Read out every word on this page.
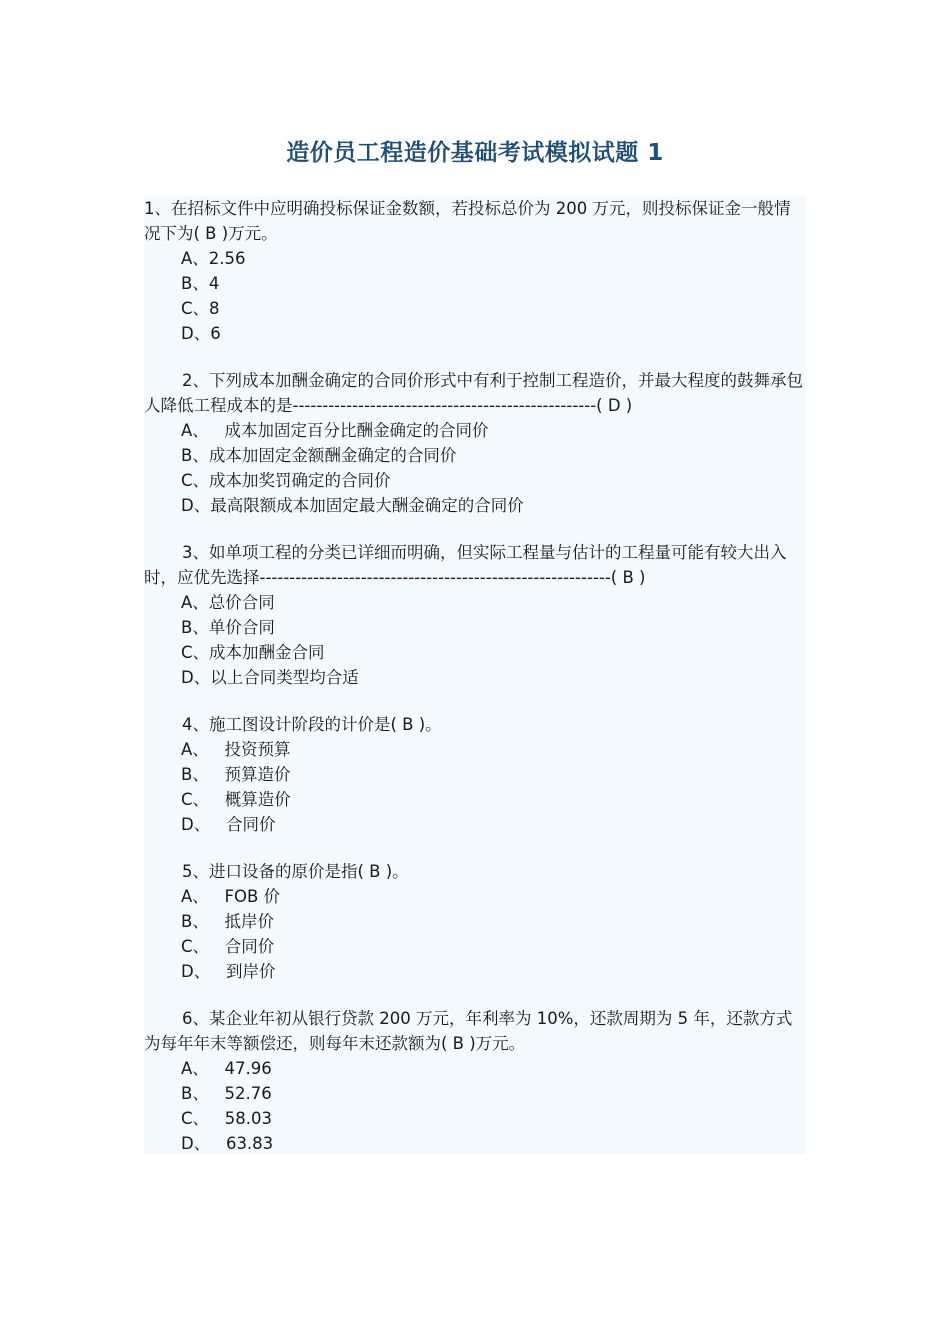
造价员工程造价基础考试模拟试题 1

1、在招标文件中应明确投标保证金数额，若投标总价为 200 万元，则投标保证金一般情况下为( B )万元。

A、2.56

B、4

C、8

D、6

2、下列成本加酬金确定的合同价形式中有利于控制工程造价，并最大程度的鼓舞承包人降低工程成本的是---------------------------------------------------( D )

A、   成本加固定百分比酬金确定的合同价

B、成本加固定金额酬金确定的合同价

C、成本加奖罚确定的合同价

D、最高限额成本加固定最大酬金确定的合同价

3、如单项工程的分类已详细而明确，但实际工程量与估计的工程量可能有较大出入时，应优先选择-----------------------------------------------------------( B )

A、总价合同

B、单价合同

C、成本加酬金合同

D、以上合同类型均合适

4、施工图设计阶段的计价是( B )。

A、   投资预算

B、   预算造价

C、   概算造价

D、   合同价

5、进口设备的原价是指( B )。

A、   FOB 价

B、   抵岸价

C、   合同价

D、   到岸价

6、某企业年初从银行贷款 200 万元，年利率为 10%，还款周期为 5 年，还款方式为每年年末等额偿还，则每年末还款额为( B )万元。

A、   47.96

B、   52.76

C、   58.03

D、   63.83
